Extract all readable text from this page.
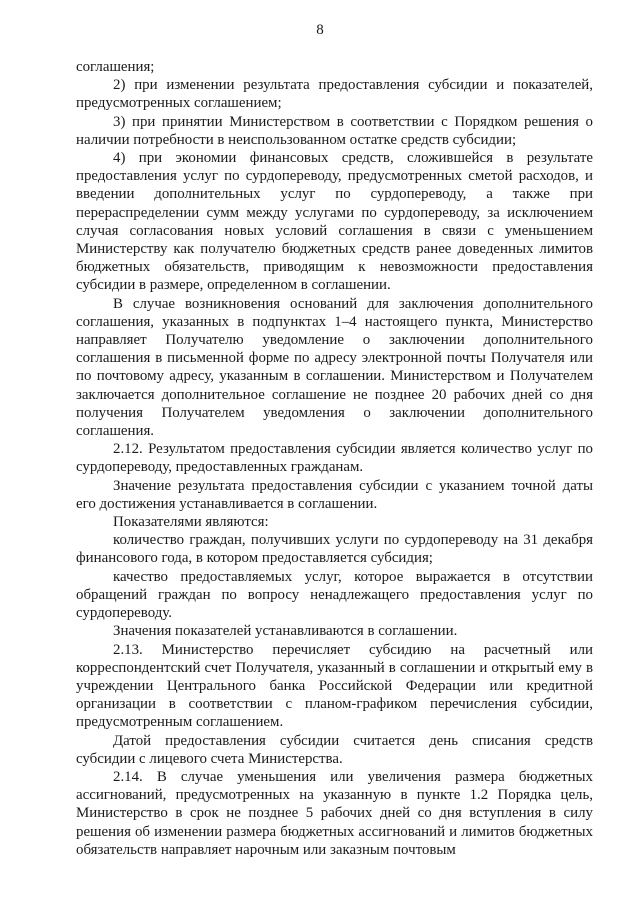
8

соглашения;

2) при изменении результата предоставления субсидии и показателей, предусмотренных соглашением;

3) при принятии Министерством в соответствии с Порядком решения о наличии потребности в неиспользованном остатке средств субсидии;

4) при экономии финансовых средств, сложившейся в результате предоставления услуг по сурдопереводу, предусмотренных сметой расходов, и введении дополнительных услуг по сурдопереводу, а также при перераспределении сумм между услугами по сурдопереводу, за исключением случая согласования новых условий соглашения в связи с уменьшением Министерству как получателю бюджетных средств ранее доведенных лимитов бюджетных обязательств, приводящим к невозможности предоставления субсидии в размере, определенном в соглашении.

В случае возникновения оснований для заключения дополнительного соглашения, указанных в подпунктах 1–4 настоящего пункта, Министерство направляет Получателю уведомление о заключении дополнительного соглашения в письменной форме по адресу электронной почты Получателя или по почтовому адресу, указанным в соглашении. Министерством и Получателем заключается дополнительное соглашение не позднее 20 рабочих дней со дня получения Получателем уведомления о заключении дополнительного соглашения.

2.12. Результатом предоставления субсидии является количество услуг по сурдопереводу, предоставленных гражданам.

Значение результата предоставления субсидии с указанием точной даты его достижения устанавливается в соглашении.

Показателями являются:

количество граждан, получивших услуги по сурдопереводу на 31 декабря финансового года, в котором предоставляется субсидия;

качество предоставляемых услуг, которое выражается в отсутствии обращений граждан по вопросу ненадлежащего предоставления услуг по сурдопереводу.

Значения показателей устанавливаются в соглашении.

2.13. Министерство перечисляет субсидию на расчетный или корреспондентский счет Получателя, указанный в соглашении и открытый ему в учреждении Центрального банка Российской Федерации или кредитной организации в соответствии с планом-графиком перечисления субсидии, предусмотренным соглашением.

Датой предоставления субсидии считается день списания средств субсидии с лицевого счета Министерства.

2.14. В случае уменьшения или увеличения размера бюджетных ассигнований, предусмотренных на указанную в пункте 1.2 Порядка цель, Министерство в срок не позднее 5 рабочих дней со дня вступления в силу решения об изменении размера бюджетных ассигнований и лимитов бюджетных обязательств направляет нарочным или заказным почтовым
